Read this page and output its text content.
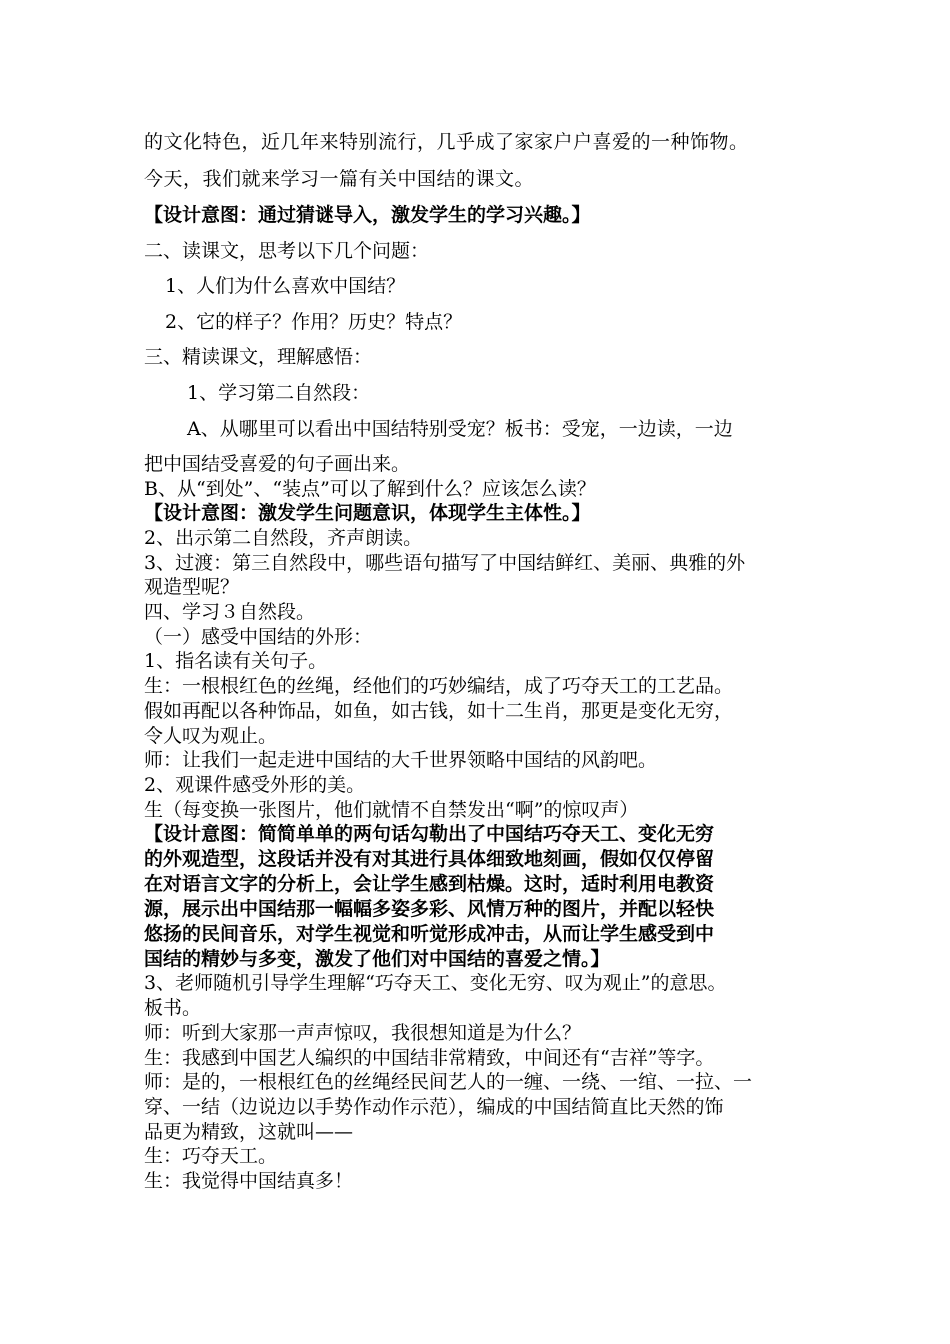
的文化特色，近几年来特别流行，几乎成了家家户户喜爱的一种饰物。
今天，我们就来学习一篇有关中国结的课文。
【设计意图：通过猜谜导入，激发学生的学习兴趣。】
二、读课文，思考以下几个问题：
1、人们为什么喜欢中国结？
2、它的样子？作用？历史？特点？
三、精读课文，理解感悟：
1、学习第二自然段：
A、从哪里可以看出中国结特别受宠？板书：受宠，一边读，一边
把中国结受喜爱的句子画出来。
B、从“到处”、“装点”可以了解到什么？应该怎么读？
【设计意图：激发学生问题意识，体现学生主体性。】
2、出示第二自然段，齐声朗读。
3、过渡：第三自然段中，哪些语句描写了中国结鲜红、美丽、典雅的外
观造型呢？
四、学习３自然段。
（一）感受中国结的外形：
1、指名读有关句子。
生：一根根红色的丝绳，经他们的巧妙编结，成了巧夺天工的工艺品。
假如再配以各种饰品，如鱼，如古钱，如十二生肖，那更是变化无穷，
令人叹为观止。
师：让我们一起走进中国结的大千世界领略中国结的风韵吧。
2、观课件感受外形的美。
生（每变换一张图片，他们就情不自禁发出“啊”的惊叹声）
【设计意图：简简单单的两句话勾勒出了中国结巧夺天工、变化无穷
的外观造型，这段话并没有对其进行具体细致地刻画，假如仅仅停留
在对语言文字的分析上，会让学生感到枯燥。这时，适时利用电教资
源，展示出中国结那一幅幅多姿多彩、风情万种的图片，并配以轻快
悠扬的民间音乐，对学生视觉和听觉形成冲击，从而让学生感受到中
国结的精妙与多变，激发了他们对中国结的喜爱之情。】
3、老师随机引导学生理解“巧夺天工、变化无穷、叹为观止”的意思。
板书。
师：听到大家那一声声惊叹，我很想知道是为什么？
生：我感到中国艺人编织的中国结非常精致，中间还有“吉祥”等字。
师：是的，一根根红色的丝绳经民间艺人的一缠、一绕、一绾、一拉、一
穿、一结（边说边以手势作动作示范），编成的中国结简直比天然的饰
品更为精致，这就叫——
生：巧夺天工。
生：我觉得中国结真多！
